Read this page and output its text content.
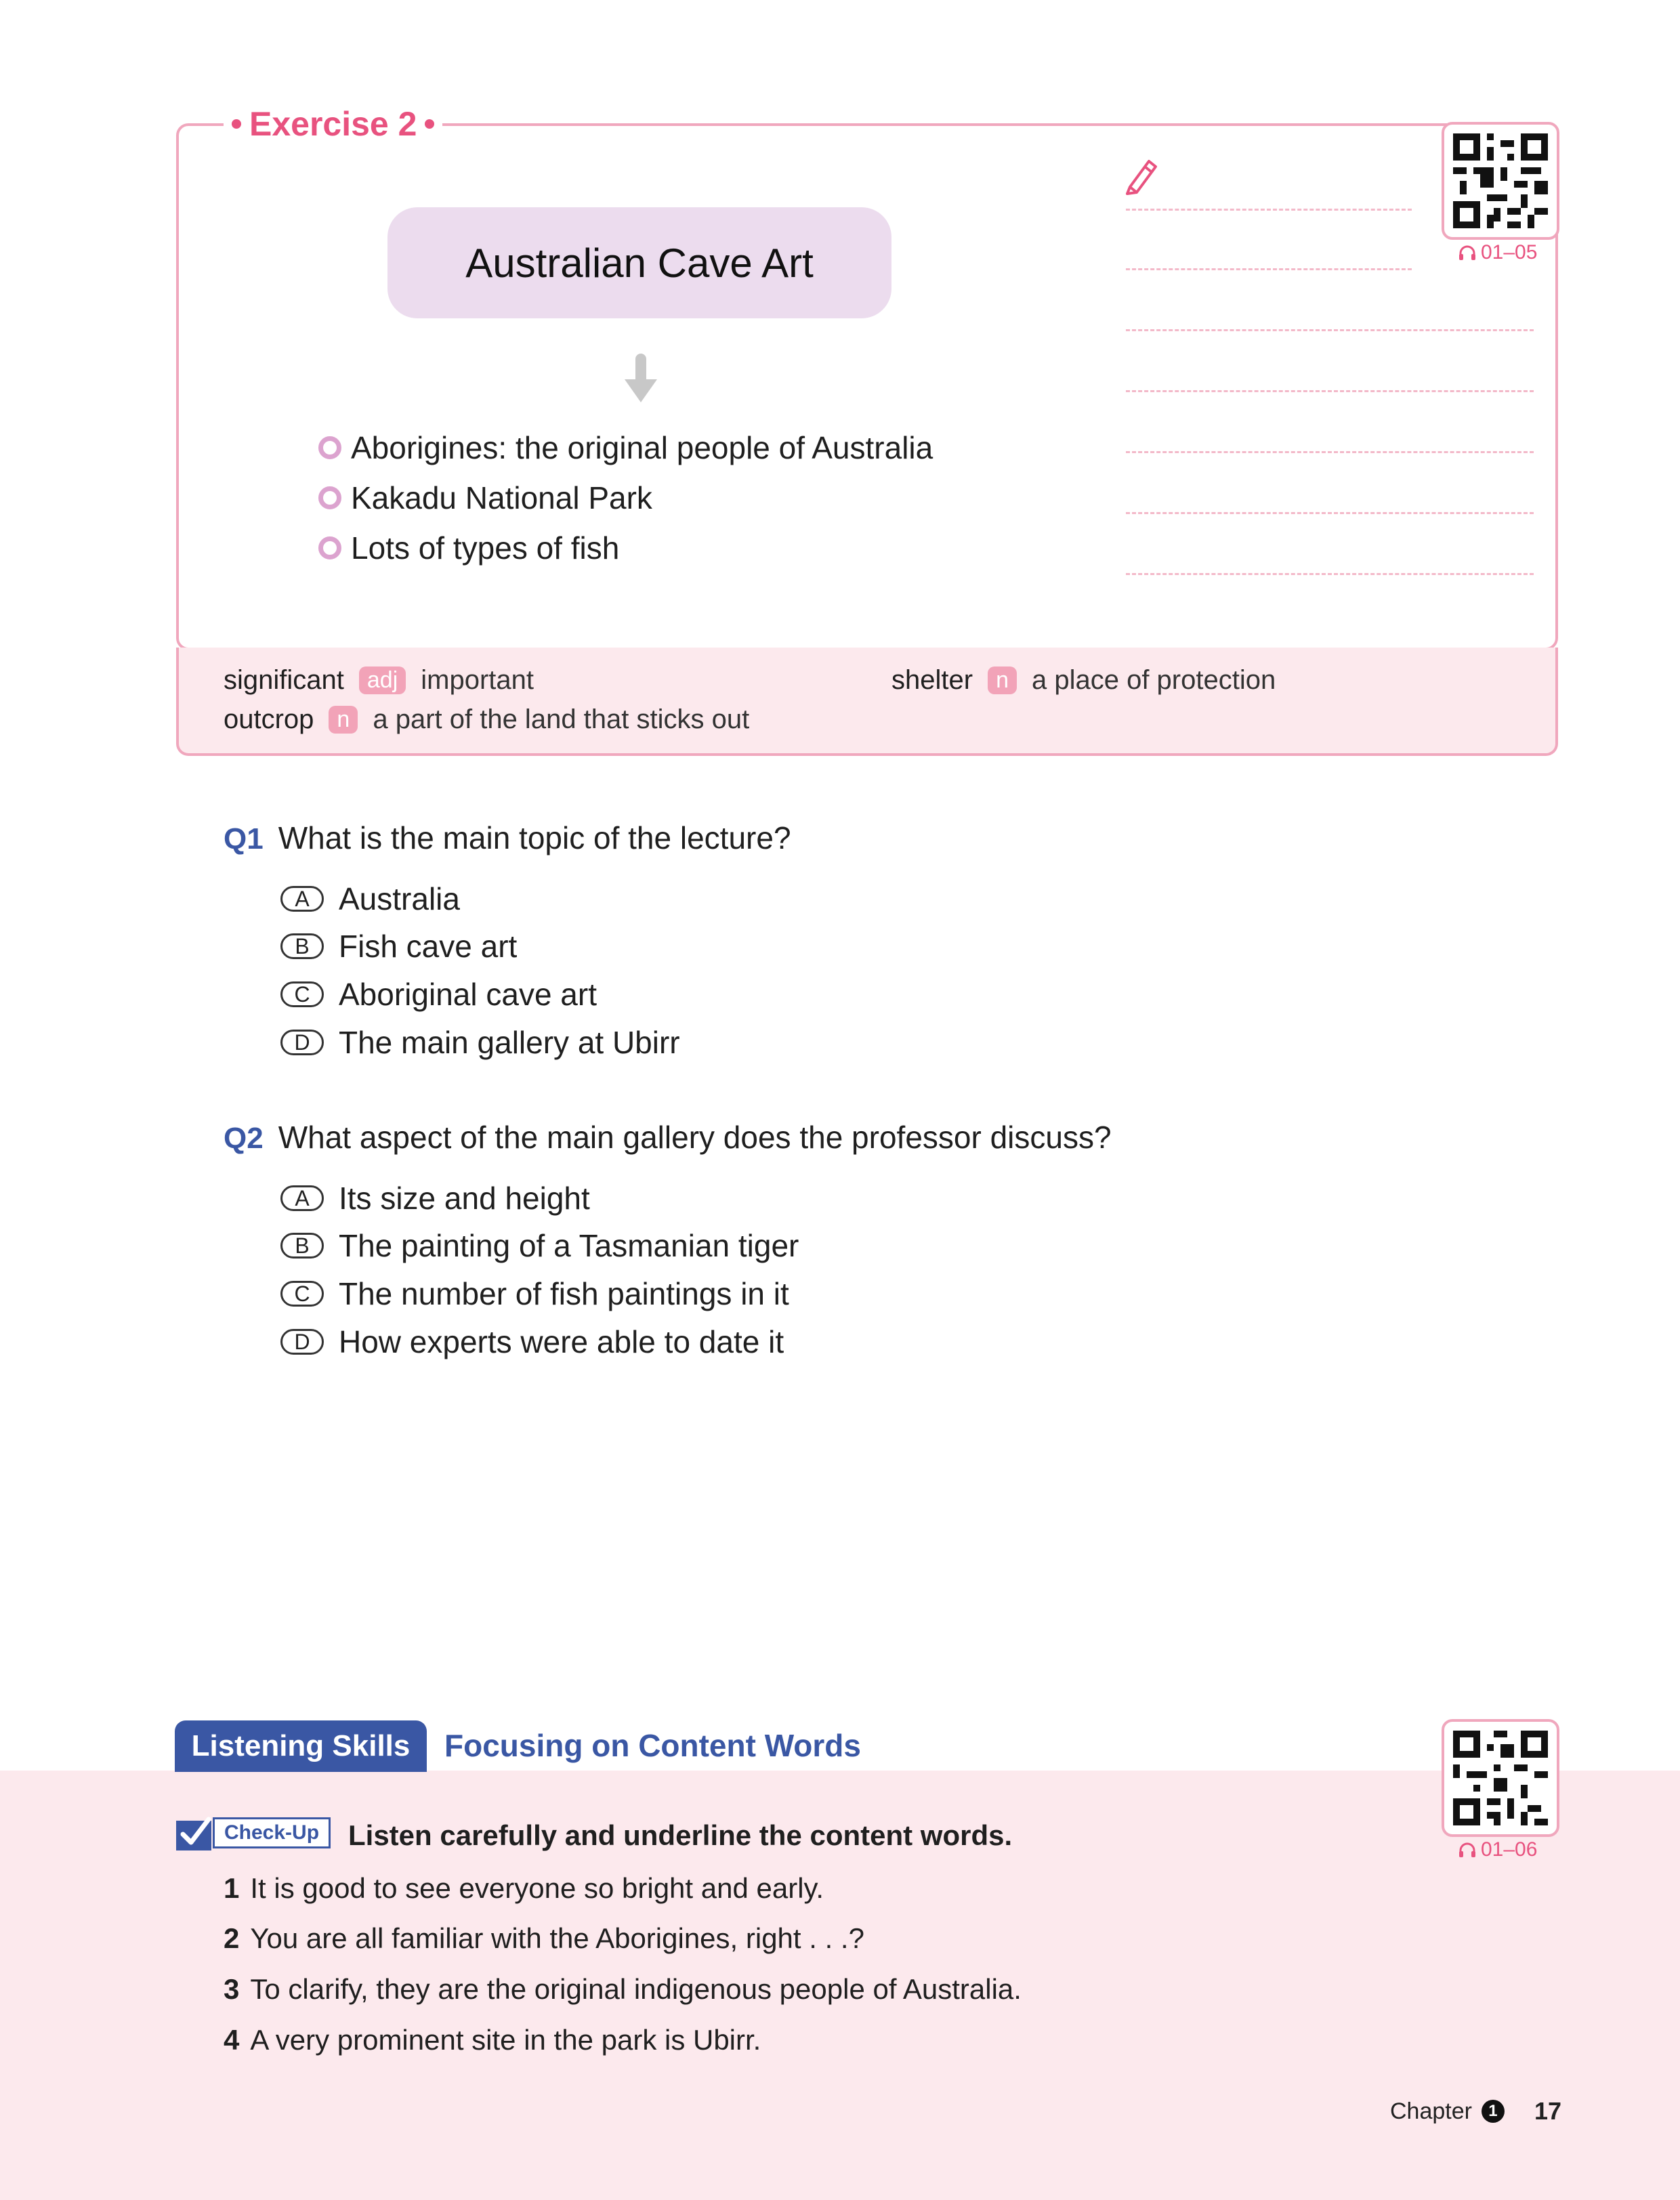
Exercise 2
Australian Cave Art
Aborigines: the original people of Australia
Kakadu National Park
Lots of types of fish
01–05
significant	adj important	shelter	n a place of protection
outcrop	n a part of the land that sticks out
Q1 What is the main topic of the lecture?
A Australia
B Fish cave art
C Aboriginal cave art
D The main gallery at Ubirr
Q2 What aspect of the main gallery does the professor discuss?
A Its size and height
B The painting of a Tasmanian tiger
C The number of fish paintings in it
D How experts were able to date it
Listening Skills	Focusing on Content Words
01–06
Check-Up	Listen carefully and underline the content words.
1 It is good to see everyone so bright and early.
2 You are all familiar with the Aborigines, right . . .?
3 To clarify, they are the original indigenous people of Australia.
4 A very prominent site in the park is Ubirr.
Chapter	1 17
